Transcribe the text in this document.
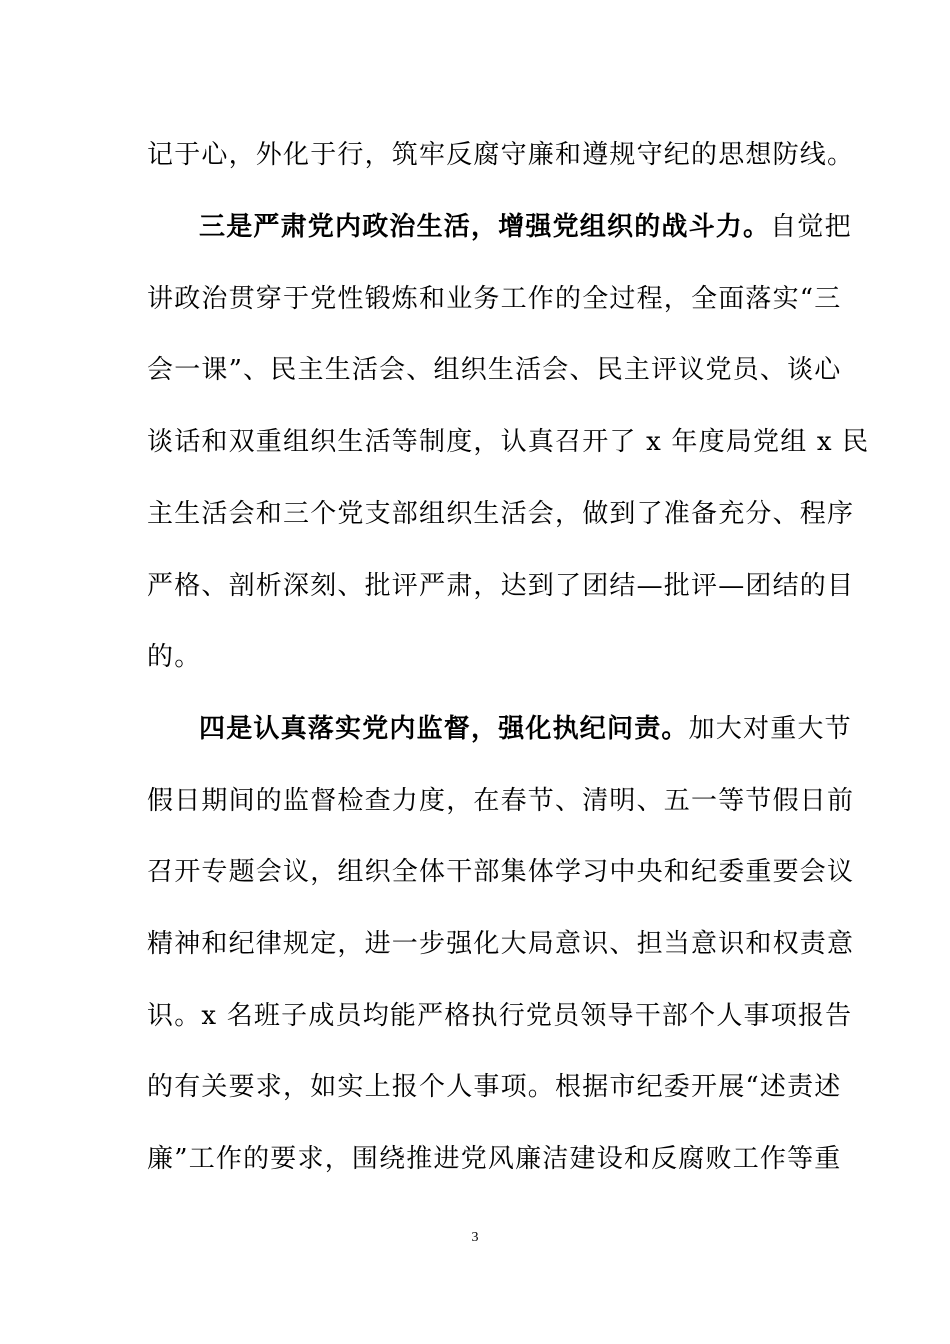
记于心，外化于行，筑牢反腐守廉和遵规守纪的思想防线。
三是严肃党内政治生活，增强党组织的战斗力。自觉把
讲政治贯穿于党性锻炼和业务工作的全过程，全面落实“三
会一课”、民主生活会、组织生活会、民主评议党员、谈心
谈话和双重组织生活等制度，认真召开了 x 年度局党组 x 民
主生活会和三个党支部组织生活会，做到了准备充分、程序
严格、剖析深刻、批评严肃，达到了团结—批评—团结的目
的。
四是认真落实党内监督，强化执纪问责。加大对重大节
假日期间的监督检查力度，在春节、清明、五一等节假日前
召开专题会议，组织全体干部集体学习中央和纪委重要会议
精神和纪律规定，进一步强化大局意识、担当意识和权责意
识。x 名班子成员均能严格执行党员领导干部个人事项报告
的有关要求，如实上报个人事项。根据市纪委开展“述责述
廉”工作的要求，围绕推进党风廉洁建设和反腐败工作等重
3
